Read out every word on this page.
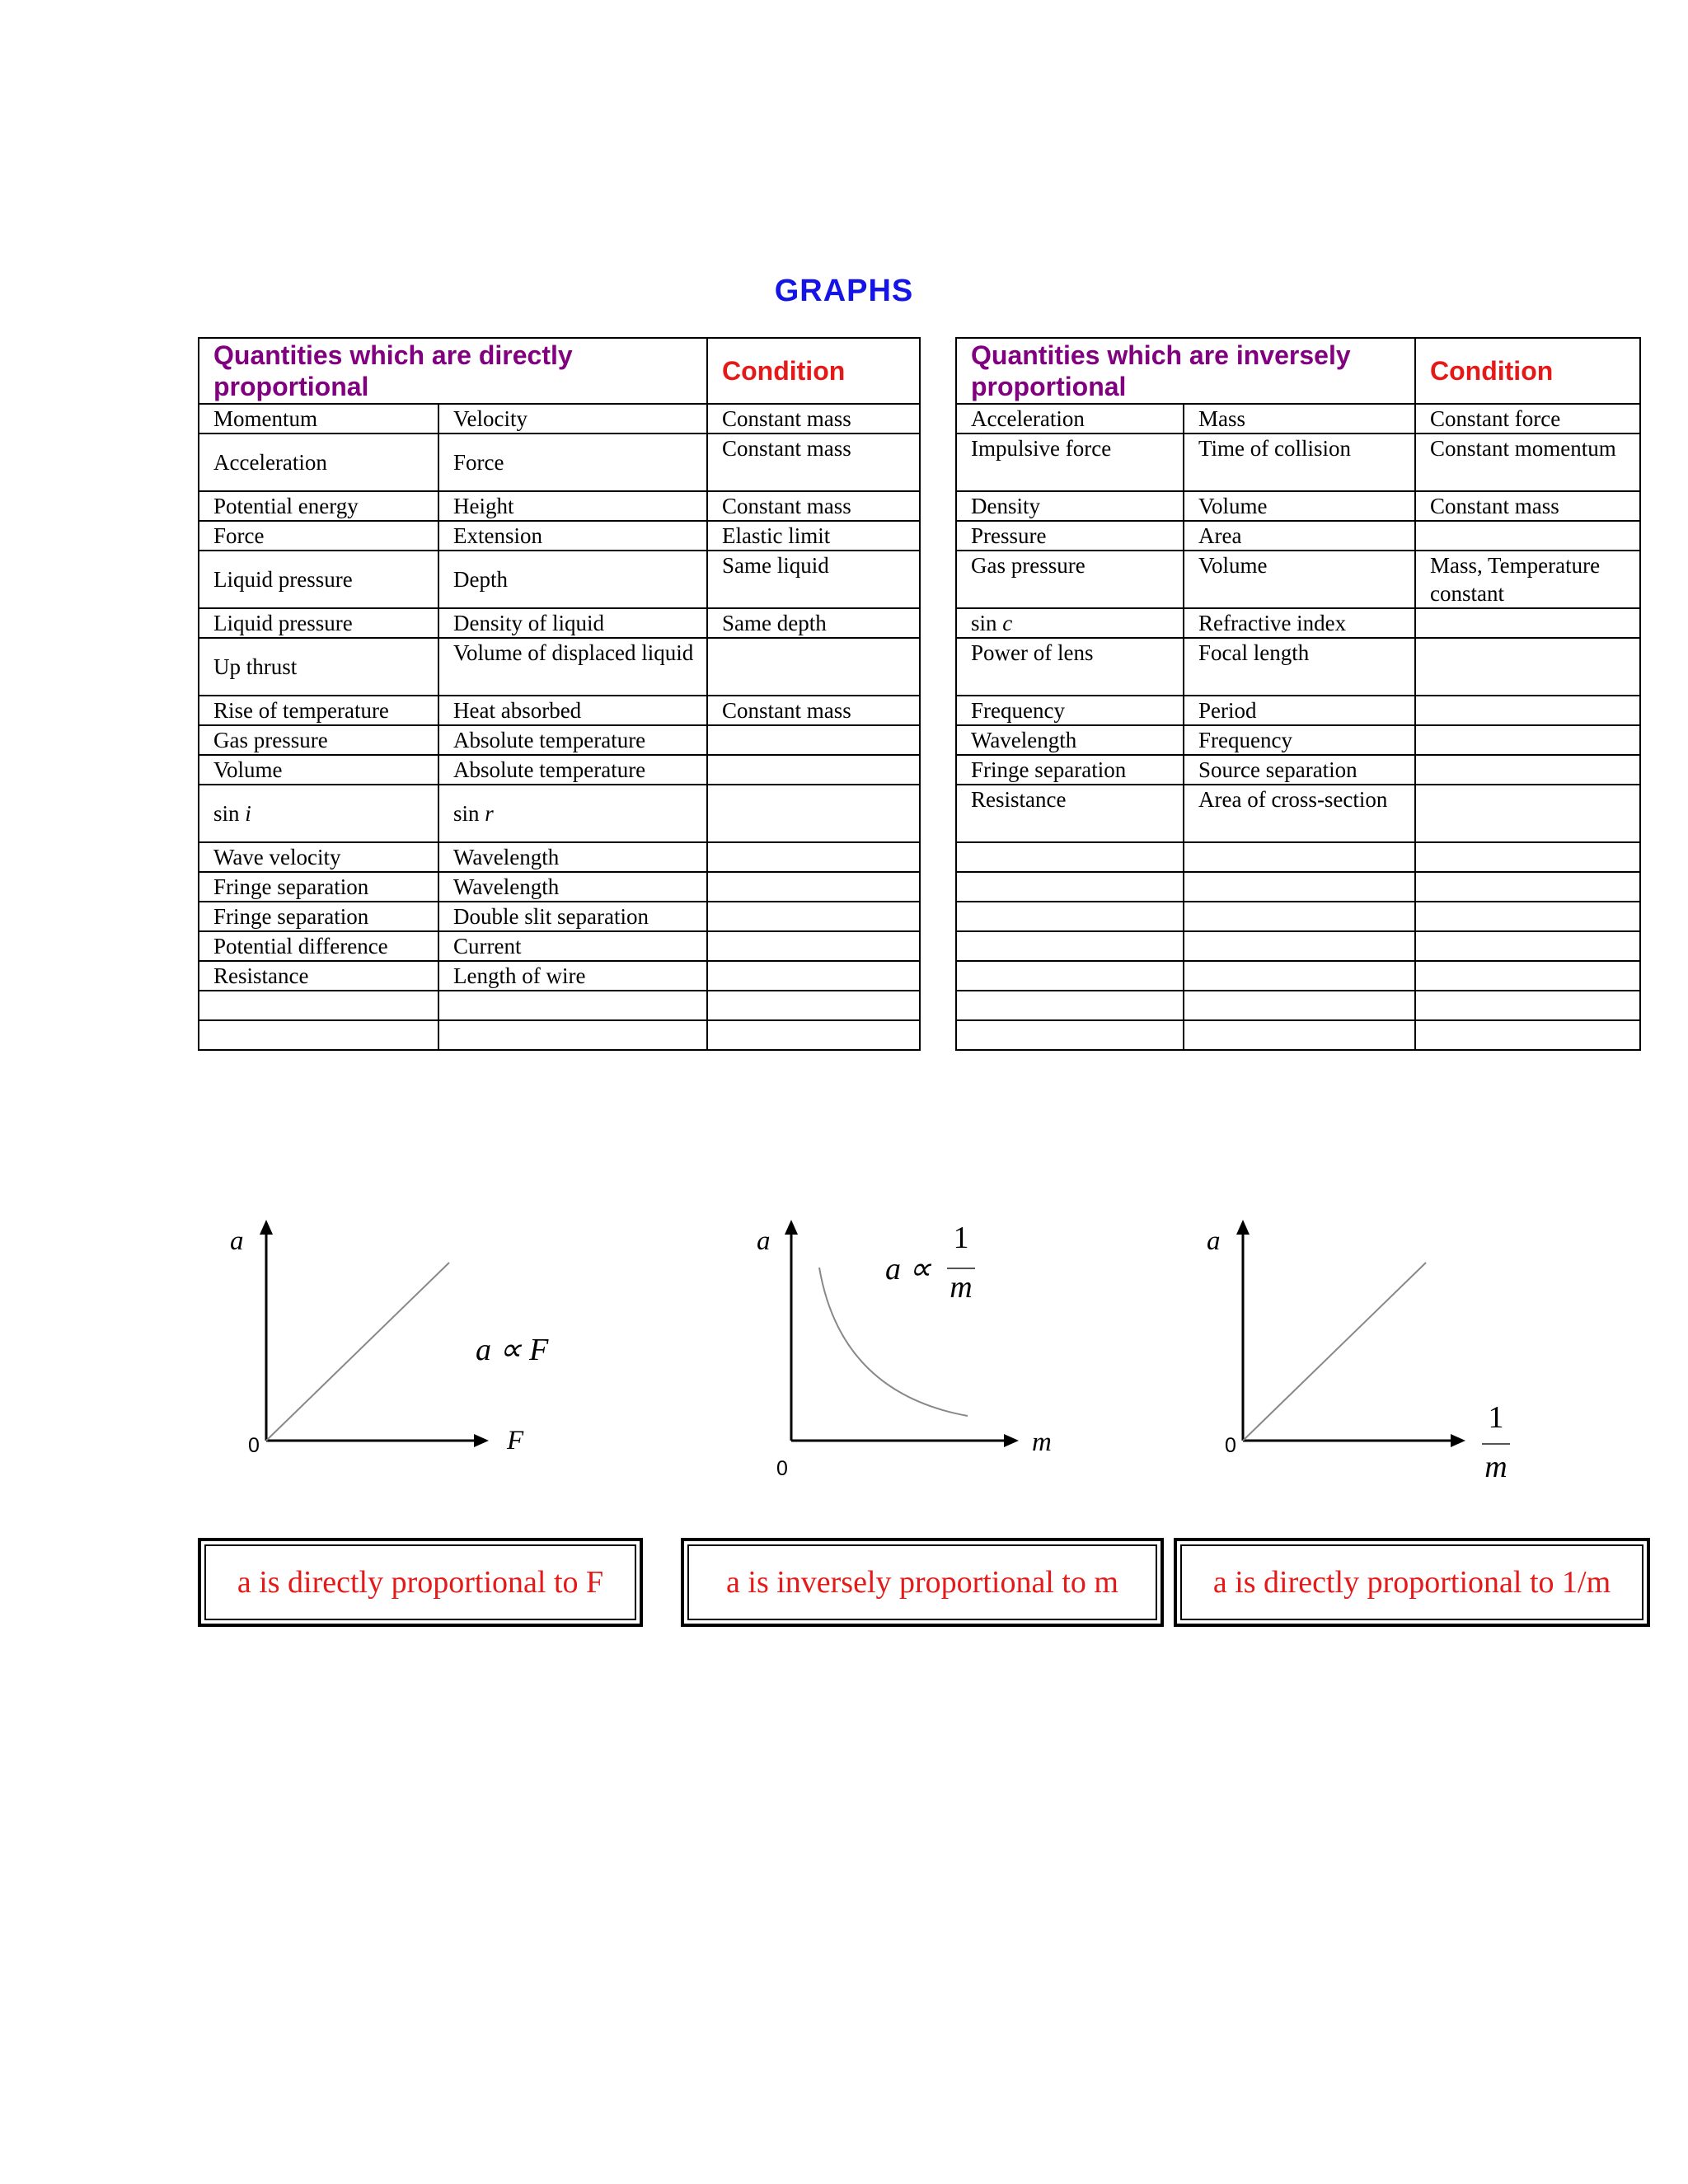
GRAPHS
Quantities which are directly proportional		Condition
Momentum	Velocity	Constant mass
Acceleration	Force	Constant mass
Potential energy	Height	Constant mass
Force	Extension	Elastic limit
Liquid pressure	Depth	Same liquid
Liquid pressure	Density of liquid	Same depth
Up thrust	Volume of displaced liquid	
Rise of temperature	Heat absorbed	Constant mass
Gas pressure	Absolute temperature	
Volume	Absolute temperature	
sin i	sin r	
Wave velocity	Wavelength	
Fringe separation	Wavelength	
Fringe separation	Double slit separation	
Potential difference	Current	
Resistance	Length of wire	

Quantities which are inversely proportional		Condition
Acceleration	Mass	Constant force
Impulsive force	Time of collision	Constant momentum
Density	Volume	Constant mass
Pressure	Area	
Gas pressure	Volume	Mass, Temperature constant
sin c	Refractive index	
Power of lens	Focal length	
Frequency	Period	
Wavelength	Frequency	
Fringe separation	Source separation	
Resistance	Area of cross-section	

a
0	F
a ∝ F
a
0
m
a ∝
1
m
a
0
1
m
a is directly proportional to F	a is inversely proportional to m	a is directly proportional to 1/m
